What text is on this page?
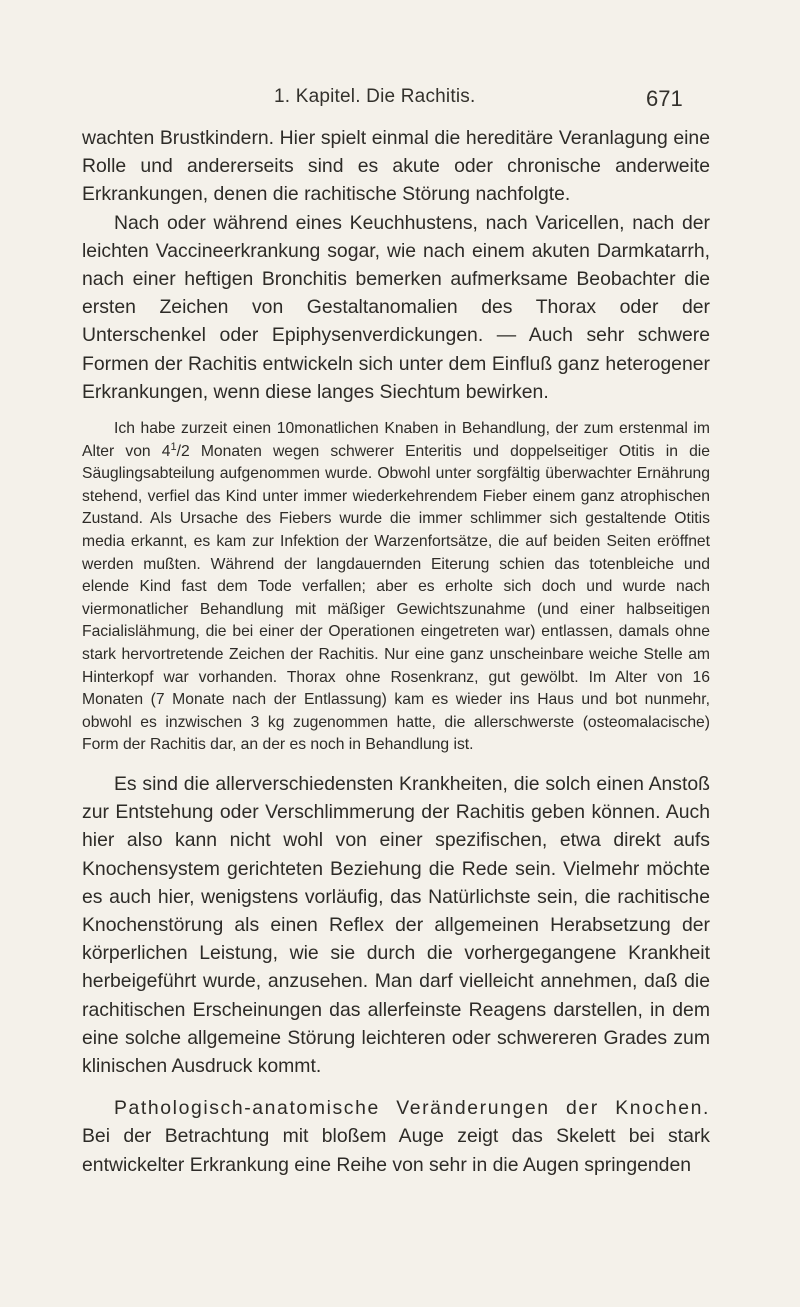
1. Kapitel. Die Rachitis.	671

wachten Brustkindern. Hier spielt einmal die hereditäre Veranlagung eine Rolle und andererseits sind es akute oder chronische anderweite Erkrankungen, denen die rachitische Störung nachfolgte.

Nach oder während eines Keuchhustens, nach Varicellen, nach der leichten Vaccineerkrankung sogar, wie nach einem akuten Darmkatarrh, nach einer heftigen Bronchitis bemerken aufmerksame Beobachter die ersten Zeichen von Gestaltanomalien des Thorax oder der Unterschenkel oder Epiphysenverdickungen. — Auch sehr schwere Formen der Rachitis entwickeln sich unter dem Einfluß ganz heterogener Erkrankungen, wenn diese langes Siechtum bewirken.

Ich habe zurzeit einen 10monatlichen Knaben in Behandlung, der zum erstenmal im Alter von $4^1/2$ Monaten wegen schwerer Enteritis und doppelseitiger Otitis in die Säuglingsabteilung aufgenommen wurde. Obwohl unter sorgfältig überwachter Ernährung stehend, verfiel das Kind unter immer wiederkehrendem Fieber einem ganz atrophischen Zustand. Als Ursache des Fiebers wurde die immer schlimmer sich gestaltende Otitis media erkannt, es kam zur Infektion der Warzenfortsätze, die auf beiden Seiten eröffnet werden mußten. Während der langdauernden Eiterung schien das totenbleiche und elende Kind fast dem Tode verfallen; aber es erholte sich doch und wurde nach viermonatlicher Behandlung mit mäßiger Gewichtszunahme (und einer halbseitigen Facialislähmung, die bei einer der Operationen eingetreten war) entlassen, damals ohne stark hervortretende Zeichen der Rachitis. Nur eine ganz unscheinbare weiche Stelle am Hinterkopf war vorhanden. Thorax ohne Rosenkranz, gut gewölbt. Im Alter von 16 Monaten (7 Monate nach der Entlassung) kam es wieder ins Haus und bot nunmehr, obwohl es inzwischen 3 kg zugenommen hatte, die allerschwerste (osteomalacische) Form der Rachitis dar, an der es noch in Behandlung ist.

Es sind die allerverschiedensten Krankheiten, die solch einen Anstoß zur Entstehung oder Verschlimmerung der Rachitis geben können. Auch hier also kann nicht wohl von einer spezifischen, etwa direkt aufs Knochensystem gerichteten Beziehung die Rede sein. Vielmehr möchte es auch hier, wenigstens vorläufig, das Natürlichste sein, die rachitische Knochenstörung als einen Reflex der allgemeinen Herabsetzung der körperlichen Leistung, wie sie durch die vorhergegangene Krankheit herbeigeführt wurde, anzusehen. Man darf vielleicht annehmen, daß die rachitischen Erscheinungen das allerfeinste Reagens darstellen, in dem eine solche allgemeine Störung leichteren oder schwereren Grades zum klinischen Ausdruck kommt.

Pathologisch-anatomische Veränderungen der Knochen. Bei der Betrachtung mit bloßem Auge zeigt das Skelett bei stark entwickelter Erkrankung eine Reihe von sehr in die Augen springenden
